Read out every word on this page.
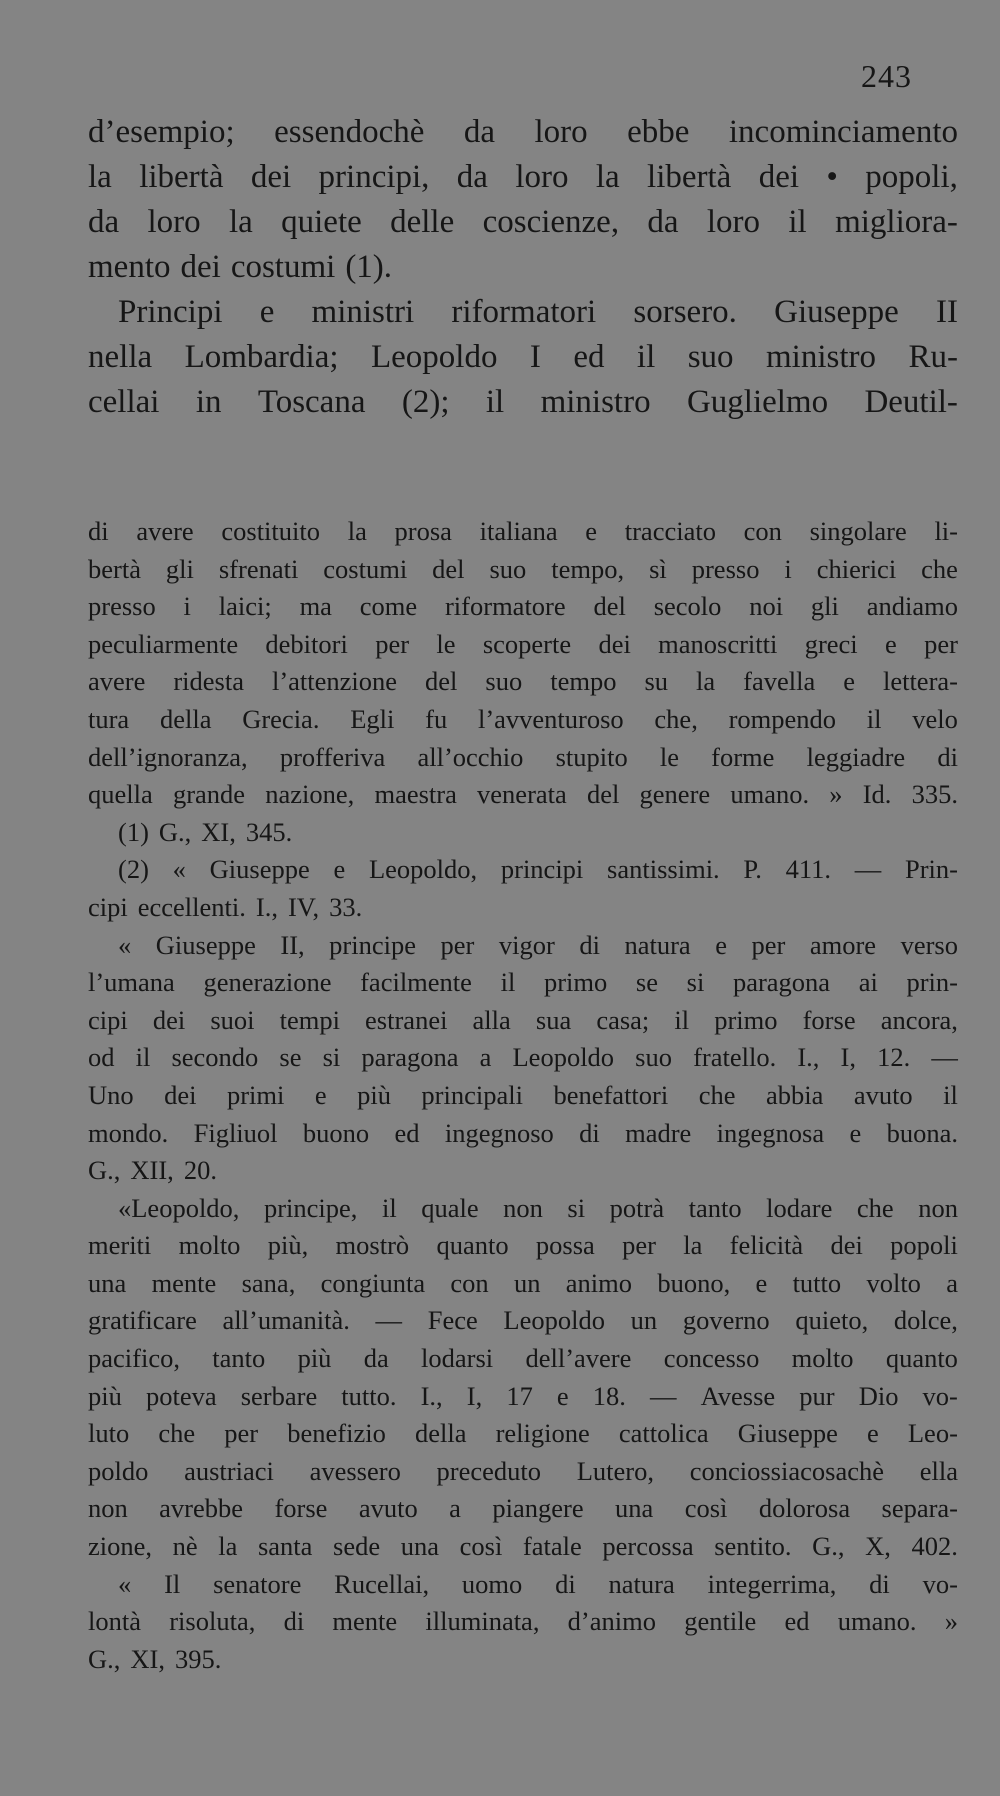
243
d’esempio; essendochè da loro ebbe incominciamento
la libertà dei principi, da loro la libertà dei • popoli,
da loro la quiete delle coscienze, da loro il migliora-
mento dei costumi (1).
Principi e ministri riformatori sorsero. Giuseppe II
nella Lombardia; Leopoldo I ed il suo ministro Ru-
cellai in Toscana (2); il ministro Guglielmo Deutil-
di avere costituito la prosa italiana e tracciato con singolare li-
bertà gli sfrenati costumi del suo tempo, sì presso i chierici che
presso i laici; ma come riformatore del secolo noi gli andiamo
peculiarmente debitori per le scoperte dei manoscritti greci e per
avere ridesta l’attenzione del suo tempo su la favella e lettera-
tura della Grecia. Egli fu l’avventuroso che, rompendo il velo
dell’ignoranza, profferiva all’occhio stupito le forme leggiadre di
quella grande nazione, maestra venerata del genere umano. » Id. 335.
(1) G., XI, 345.
(2) « Giuseppe e Leopoldo, principi santissimi. P. 411. — Prin-
cipi eccellenti. I., IV, 33.
« Giuseppe II, principe per vigor di natura e per amore verso
l’umana generazione facilmente il primo se si paragona ai prin-
cipi dei suoi tempi estranei alla sua casa; il primo forse ancora,
od il secondo se si paragona a Leopoldo suo fratello. I., I, 12. —
Uno dei primi e più principali benefattori che abbia avuto il
mondo. Figliuol buono ed ingegnoso di madre ingegnosa e buona.
G., XII, 20.
«Leopoldo, principe, il quale non si potrà tanto lodare che non
meriti molto più, mostrò quanto possa per la felicità dei popoli
una mente sana, congiunta con un animo buono, e tutto volto a
gratificare all’umanità. — Fece Leopoldo un governo quieto, dolce,
pacifico, tanto più da lodarsi dell’avere concesso molto quanto
più poteva serbare tutto. I., I, 17 e 18. — Avesse pur Dio vo-
luto che per benefizio della religione cattolica Giuseppe e Leo-
poldo austriaci avessero preceduto Lutero, conciossiacosachè ella
non avrebbe forse avuto a piangere una così dolorosa separa-
zione, nè la santa sede una così fatale percossa sentito. G., X, 402.
« Il senatore Rucellai, uomo di natura integerrima, di vo-
lontà risoluta, di mente illuminata, d’animo gentile ed umano. »
G., XI, 395.
